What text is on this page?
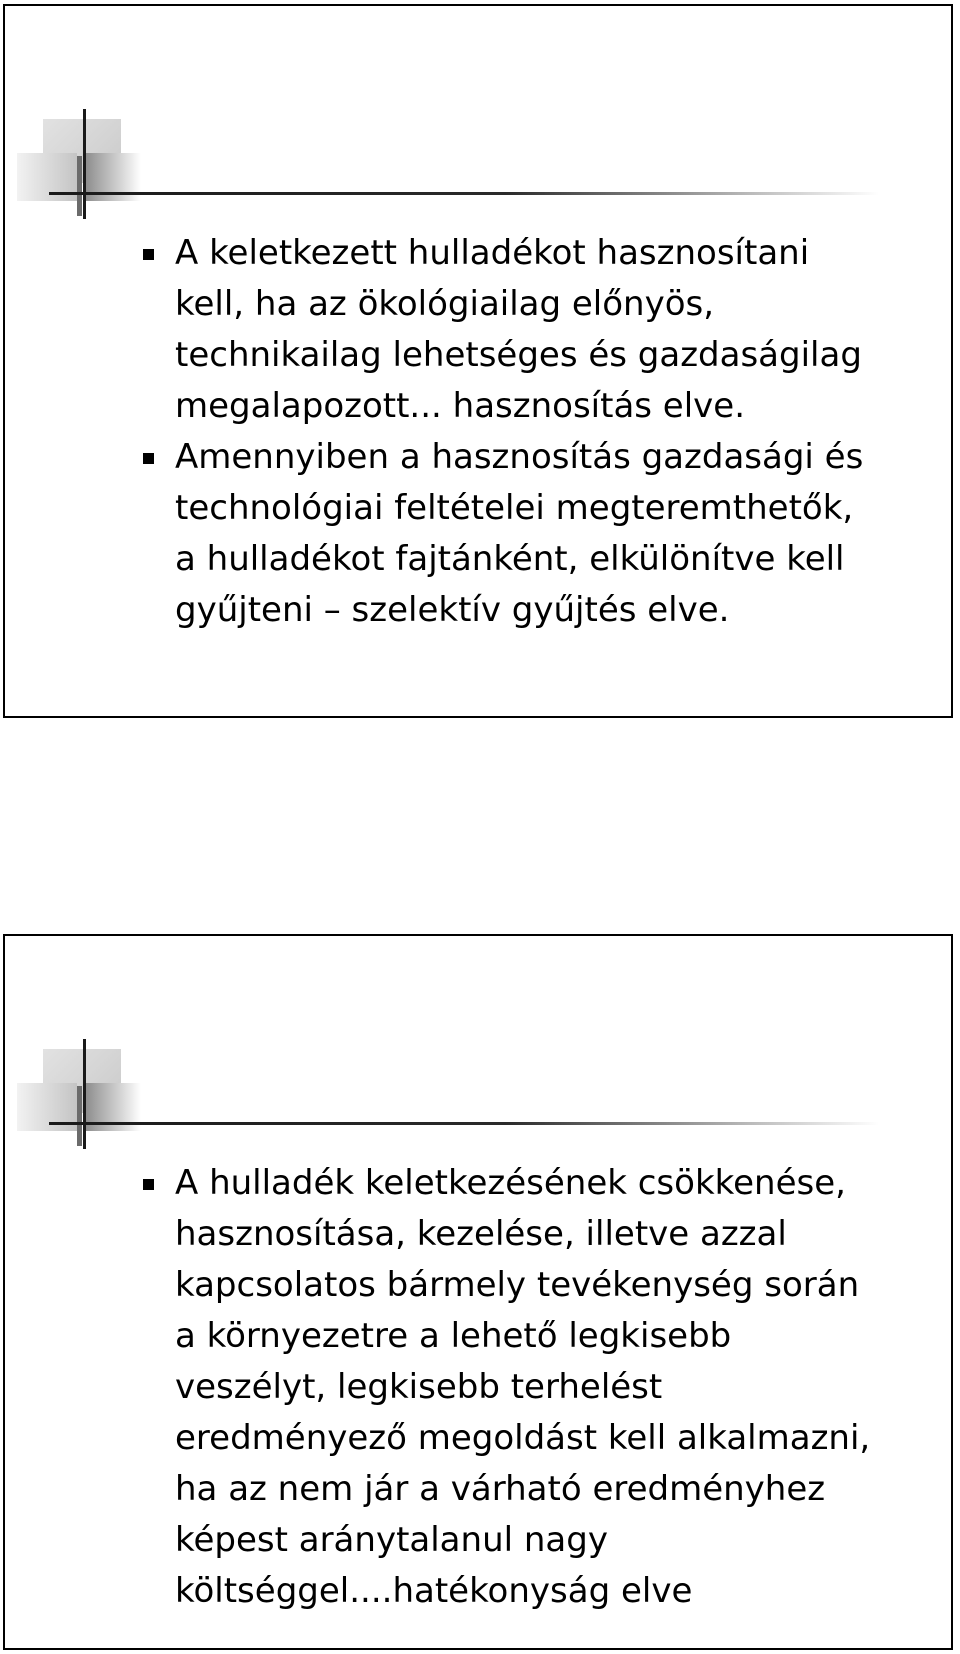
A keletkezett hulladékot hasznosítani
kell, ha az ökológiailag előnyös,
technikailag lehetséges és gazdaságilag
megalapozott... hasznosítás elve.
Amennyiben a hasznosítás gazdasági és
technológiai feltételei megteremthetők,
a hulladékot fajtánként, elkülönítve kell
gyűjteni – szelektív gyűjtés elve.
A hulladék keletkezésének csökkenése,
hasznosítása, kezelése, illetve azzal
kapcsolatos bármely tevékenység során
a környezetre a lehető legkisebb
veszélyt, legkisebb terhelést
eredményező megoldást kell alkalmazni,
ha az nem jár a várható eredményhez
képest aránytalanul nagy
költséggel....hatékonyság elve
